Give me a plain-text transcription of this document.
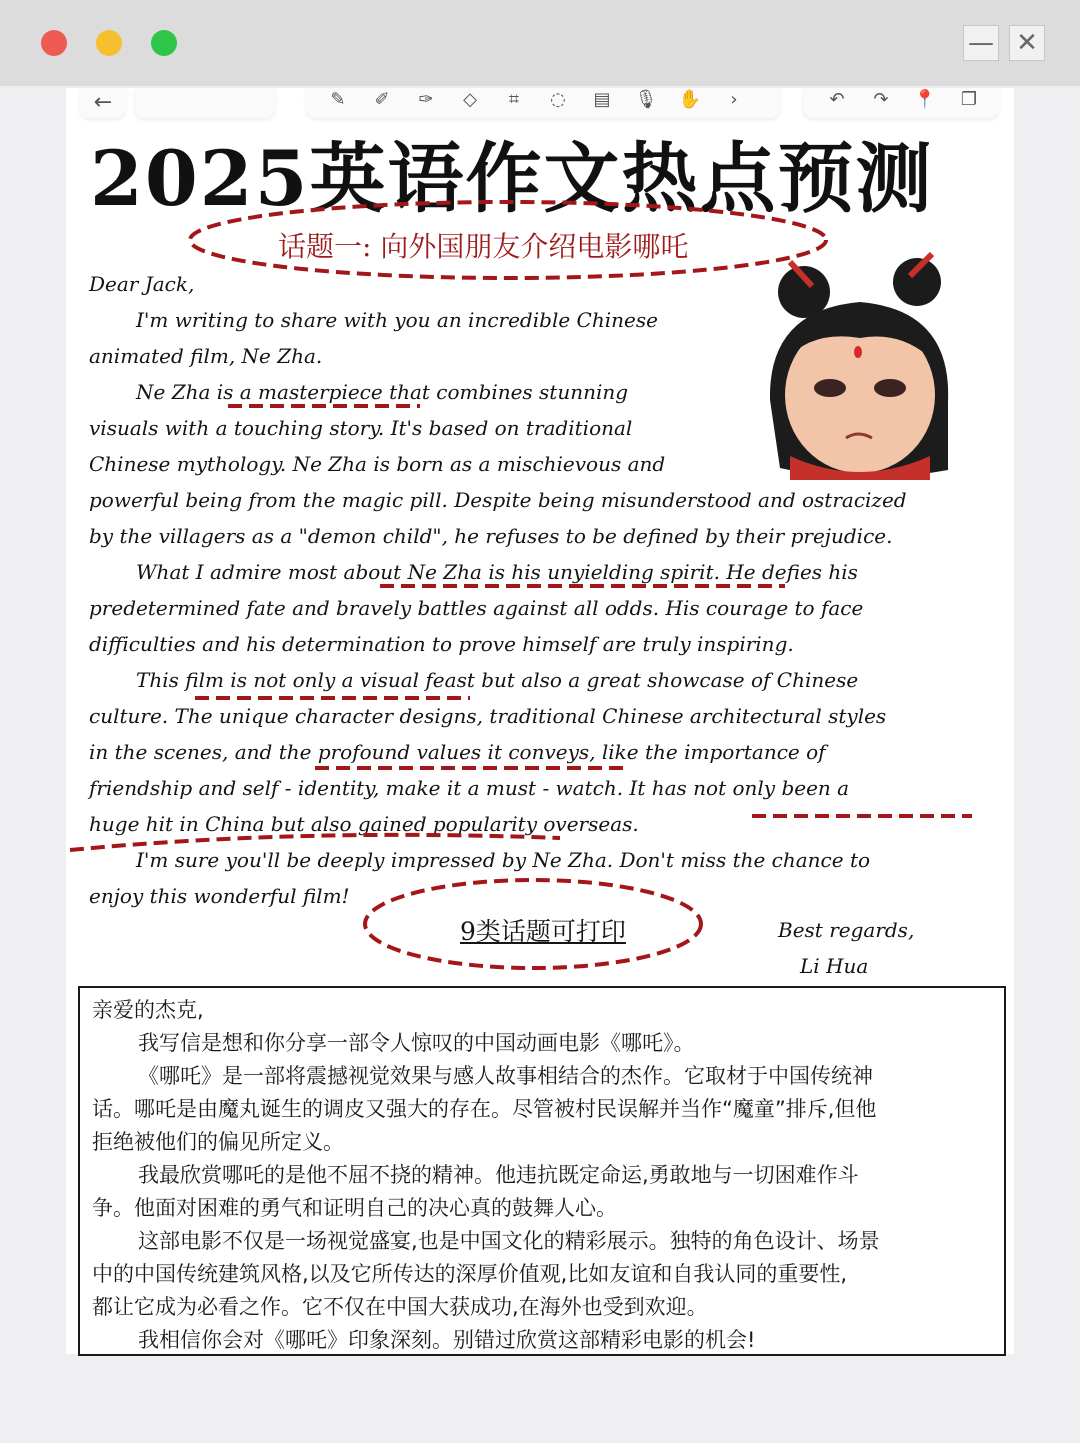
— ✕
←	✎	✐	✑	◇	⌗	◌	▤	🎙	✋	›	↶	↷	📍	❐
2025英语作文热点预测
话题一: 向外国朋友介绍电影哪吒
Dear Jack,
I'm writing to share with you an incredible Chinese
animated film, Ne Zha.
Ne Zha is a masterpiece that combines stunning
visuals with a touching story. It's based on traditional
Chinese mythology. Ne Zha is born as a mischievous and
powerful being from the magic pill. Despite being misunderstood and ostracized
by the villagers as a "demon child", he refuses to be defined by their prejudice.
What I admire most about Ne Zha is his unyielding spirit. He defies his
predetermined fate and bravely battles against all odds. His courage to face
difficulties and his determination to prove himself are truly inspiring.
This film is not only a visual feast but also a great showcase of Chinese
culture. The unique character designs, traditional Chinese architectural styles
in the scenes, and the profound values it conveys, like the importance of
friendship and self - identity, make it a must - watch. It has not only been a
huge hit in China but also gained popularity overseas.
I'm sure you'll be deeply impressed by Ne Zha. Don't miss the chance to
enjoy this wonderful film!
9类话题可打印	Best regards,
Li Hua
亲爱的杰克,
我写信是想和你分享一部令人惊叹的中国动画电影《哪吒》。
《哪吒》是一部将震撼视觉效果与感人故事相结合的杰作。它取材于中国传统神
话。哪吒是由魔丸诞生的调皮又强大的存在。尽管被村民误解并当作“魔童”排斥,但他
拒绝被他们的偏见所定义。
我最欣赏哪吒的是他不屈不挠的精神。他违抗既定命运,勇敢地与一切困难作斗
争。他面对困难的勇气和证明自己的决心真的鼓舞人心。
这部电影不仅是一场视觉盛宴,也是中国文化的精彩展示。独特的角色设计、场景
中的中国传统建筑风格,以及它所传达的深厚价值观,比如友谊和自我认同的重要性,
都让它成为必看之作。它不仅在中国大获成功,在海外也受到欢迎。
我相信你会对《哪吒》印象深刻。别错过欣赏这部精彩电影的机会!
